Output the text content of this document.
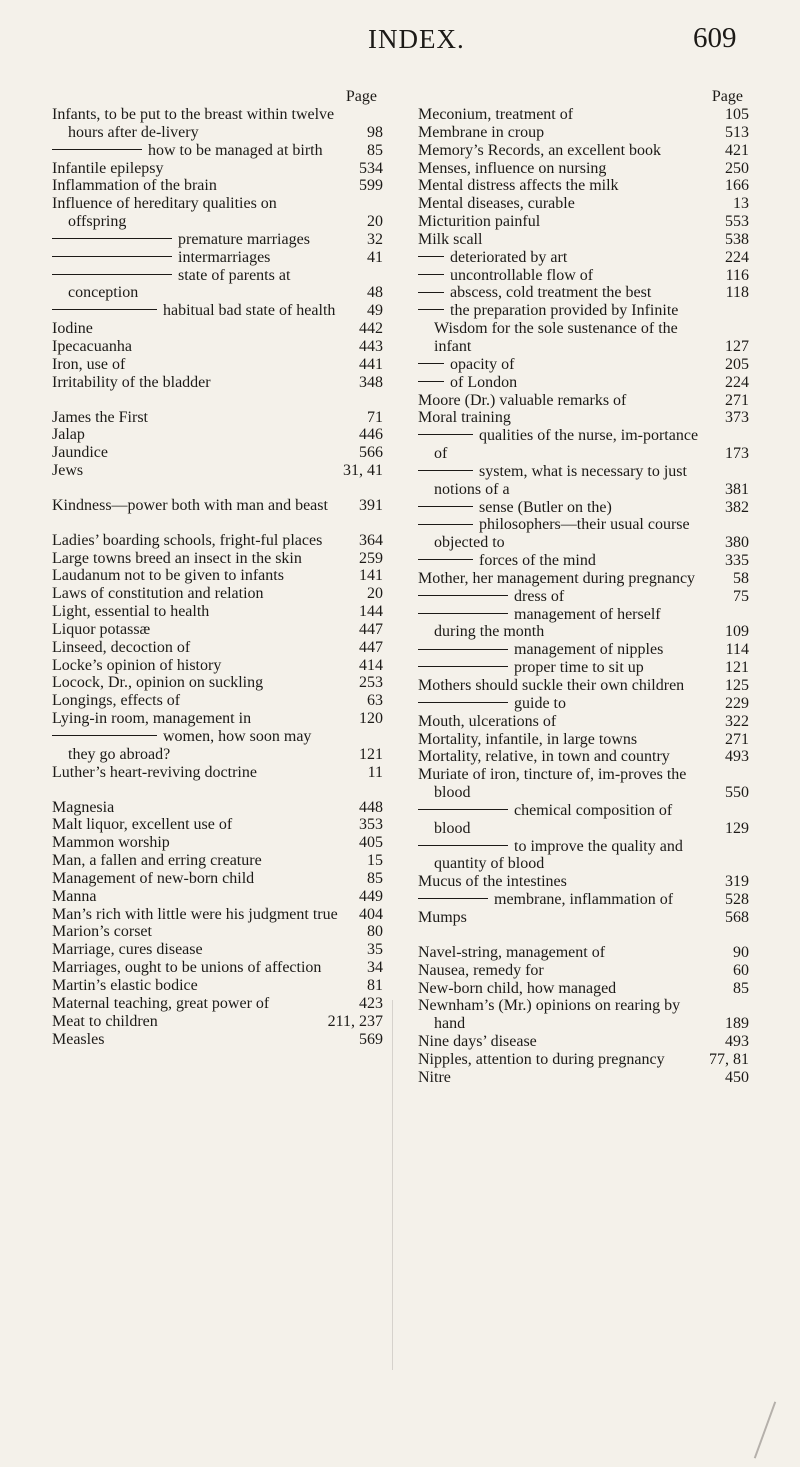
INDEX.	609
Page
Infants, to be put to the breast within twelve hours after de-livery	98
how to be managed at birth	85
Infantile epilepsy	534
Inflammation of the brain	599
Influence of hereditary qualities on offspring	20
premature marriages	32
intermarriages	41
state of parents at conception	48
habitual bad state of health 49
Iodine	442
Ipecacuanha	443
Iron, use of	441
Irritability of the bladder	348
James the First	71
Jalap	446
Jaundice	566
Jews	31, 41
Kindness—power both with man and beast 391
Ladies’ boarding schools, fright-ful places 364
Large towns breed an insect in the skin	259
Laudanum not to be given to infants	141
Laws of constitution and relation	20
Light, essential to health	144
Liquor potassæ	447
Linseed, decoction of	447
Locke’s opinion of history	414
Locock, Dr., opinion on suckling	253
Longings, effects of	63
Lying-in room, management in	120
women, how soon may they go abroad?	121
Luther’s heart-reviving doctrine	11
Magnesia	448
Malt liquor, excellent use of	353
Mammon worship	405
Man, a fallen and erring creature	15
Management of new-born child	85
Manna	449
Man’s rich with little were his judgment true 404
Marion’s corset	80
Marriage, cures disease	35
Marriages, ought to be unions of affection	34
Martin’s elastic bodice	81
Maternal teaching, great power of	423
Meat to children	211, 237
Measles	569
Page
Meconium, treatment of	105
Membrane in croup	513
Memory’s Records, an excellent book	421
Menses, influence on nursing	250
Mental distress affects the milk	166
Mental diseases, curable	13
Micturition painful	553
Milk scall	538
deteriorated by art	224
uncontrollable flow of	116
abscess, cold treatment the best	118
the preparation provided by Infinite Wisdom for the sole sustenance of the infant	127
opacity of	205
of London	224
Moore (Dr.) valuable remarks of	271
Moral training	373
qualities of the nurse, im-portance of	173
system, what is necessary to just notions of a	381
sense (Butler on the)	382
philosophers—their usual course objected to	380
forces of the mind	335
Mother, her management during pregnancy 58
dress of	75
management of herself during the month	109
management of nipples	114
proper time to sit up	121
Mothers should suckle their own children	125
guide to	229
Mouth, ulcerations of	322
Mortality, infantile, in large towns	271
Mortality, relative, in town and country	493
Muriate of iron, tincture of, im-proves the blood	550
chemical composition of blood	129
to improve the quality and quantity of blood
Mucus of the intestines	319
membrane, inflammation of	528
Mumps	568
Navel-string, management of	90
Nausea, remedy for	60
New-born child, how managed	85
Newnham’s (Mr.) opinions on rearing by hand	189
Nine days’ disease	493
Nipples, attention to during pregnancy	77, 81
Nitre	450
